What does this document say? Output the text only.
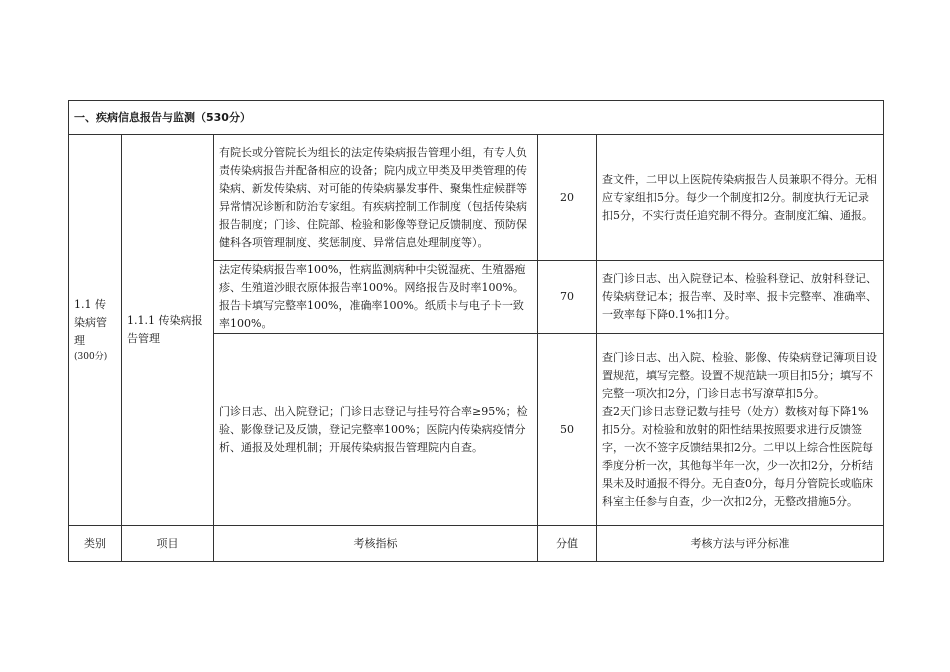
一、疾病信息报告与监测（530分）				

1.1 传染病管理
(300分)	1.1.1 传染病报告管理	有院长或分管院长为组长的法定传染病报告管理小组，有专人负责传染病报告并配备相应的设备；院内成立甲类及甲类管理的传染病、新发传染病、对可能的传染病暴发事件、聚集性症候群等异常情况诊断和防治专家组。有疾病控制工作制度（包括传染病报告制度；门诊、住院部、检验和影像等登记反馈制度、预防保健科各项管理制度、奖惩制度、异常信息处理制度等）。	20	查文件，二甲以上医院传染病报告人员兼职不得分。无相应专家组扣5分。每少一个制度扣2分。制度执行无记录扣5分，不实行责任追究制不得分。查制度汇编、通报。
		法定传染病报告率100%，性病监测病种中尖锐湿疣、生殖器疱疹、生殖道沙眼衣原体报告率100%。网络报告及时率100%。报告卡填写完整率100%，准确率100%。纸质卡与电子卡一致率100%。	70	查门诊日志、出入院登记本、检验科登记、放射科登记、传染病登记本；报告率、及时率、报卡完整率、准确率、一致率每下降0.1%扣1分。
		门诊日志、出入院登记；门诊日志登记与挂号符合率≥95%；检验、影像登记及反馈，登记完整率100%；医院内传染病疫情分析、通报及处理机制；开展传染病报告管理院内自查。	50	查门诊日志、出入院、检验、影像、传染病登记簿项目设置规范，填写完整。设置不规范缺一项目扣5分；填写不完整一项次扣2分，门诊日志书写潦草扣5分。
查2天门诊日志登记数与挂号（处方）数核对每下降1%扣5分。对检验和放射的阳性结果按照要求进行反馈签字，一次不签字反馈结果扣2分。二甲以上综合性医院每季度分析一次，其他每半年一次，少一次扣2分，分析结果未及时通报不得分。无自查0分，每月分管院长或临床科室主任参与自查，少一次扣2分，无整改措施5分。
类别	项目	考核指标	分值	考核方法与评分标准
